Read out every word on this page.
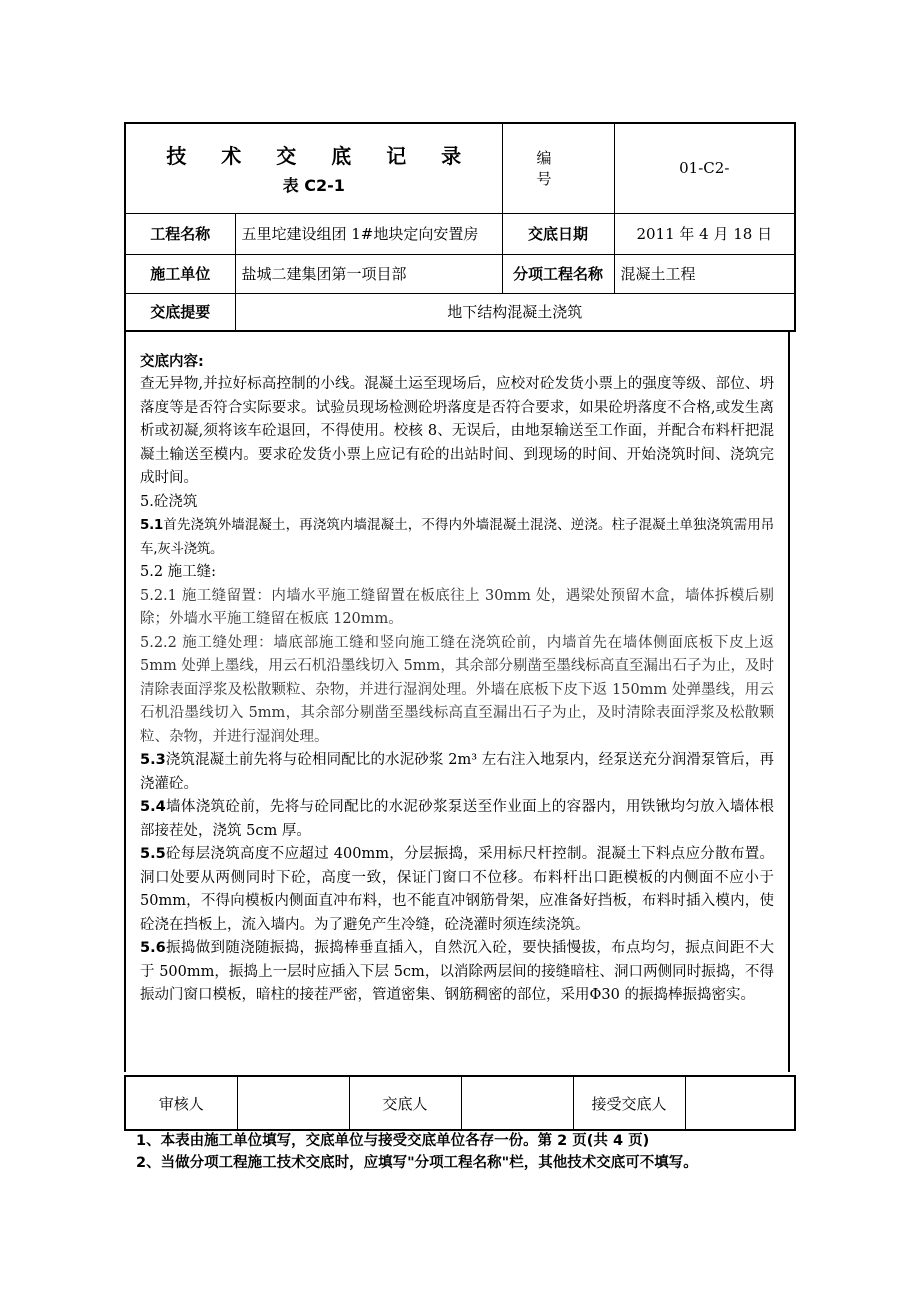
技 术 交 底 记 录
表 C2-1		编 号	01-C2-
工程名称	五里坨建设组团 1#地块定向安置房	交底日期	2011 年 4 月 18 日
施工单位	盐城二建集团第一项目部	分项工程名称	混凝土工程
交底提要	地下结构混凝土浇筑		
交底内容:

查无异物,并拉好标高控制的小线。混凝土运至现场后，应校对砼发货小票上的强度等级、部位、坍落度等是否符合实际要求。试验员现场检测砼坍落度是否符合要求，如果砼坍落度不合格,或发生离析或初凝,须将该车砼退回，不得使用。校核 8、无误后，由地泵输送至工作面，并配合布料杆把混凝土输送至模内。要求砼发货小票上应记有砼的出站时间、到现场的时间、开始浇筑时间、浇筑完成时间。

5.砼浇筑

5.1首先浇筑外墙混凝土，再浇筑内墙混凝土，不得内外墙混凝土混浇、逆浇。柱子混凝土单独浇筑需用吊车,灰斗浇筑。

5.2 施工缝:

5.2.1 施工缝留置：内墙水平施工缝留置在板底往上 30mm 处，遇梁处预留木盒，墙体拆模后剔除；外墙水平施工缝留在板底 120mm。

5.2.2 施工缝处理：墙底部施工缝和竖向施工缝在浇筑砼前，内墙首先在墙体侧面底板下皮上返 5mm 处弹上墨线，用云石机沿墨线切入 5mm，其余部分剔凿至墨线标高直至漏出石子为止，及时清除表面浮浆及松散颗粒、杂物，并进行湿润处理。外墙在底板下皮下返 150mm 处弹墨线，用云石机沿墨线切入 5mm，其余部分剔凿至墨线标高直至漏出石子为止，及时清除表面浮浆及松散颗粒、杂物，并进行湿润处理。

5.3浇筑混凝土前先将与砼相同配比的水泥砂浆 2m³ 左右注入地泵内，经泵送充分润滑泵管后，再浇灌砼。

5.4墙体浇筑砼前，先将与砼同配比的水泥砂浆泵送至作业面上的容器内，用铁锹均匀放入墙体根部接茬处，浇筑 5cm 厚。

5.5砼每层浇筑高度不应超过 400mm，分层振捣，采用标尺杆控制。混凝土下料点应分散布置。洞口处要从两侧同时下砼，高度一致，保证门窗口不位移。布料杆出口距模板的内侧面不应小于 50mm，不得向模板内侧面直冲布料，也不能直冲钢筋骨架，应准备好挡板，布料时插入模内，使砼浇在挡板上，流入墙内。为了避免产生冷缝，砼浇灌时须连续浇筑。

5.6振捣做到随浇随振捣，振捣棒垂直插入，自然沉入砼，要快插慢拔，布点均匀，振点间距不大于 500mm，振捣上一层时应插入下层 5cm，以消除两层间的接缝暗柱、洞口两侧同时振捣，不得振动门窗口模板，暗柱的接茬严密，管道密集、钢筋稠密的部位，采用Φ30 的振捣棒振捣密实。

审核人		交底人		接受交底人	
1、本表由施工单位填写，交底单位与接受交底单位各存一份。第 2 页(共 4 页)
2、当做分项工程施工技术交底时，应填写"分项工程名称"栏，其他技术交底可不填写。
